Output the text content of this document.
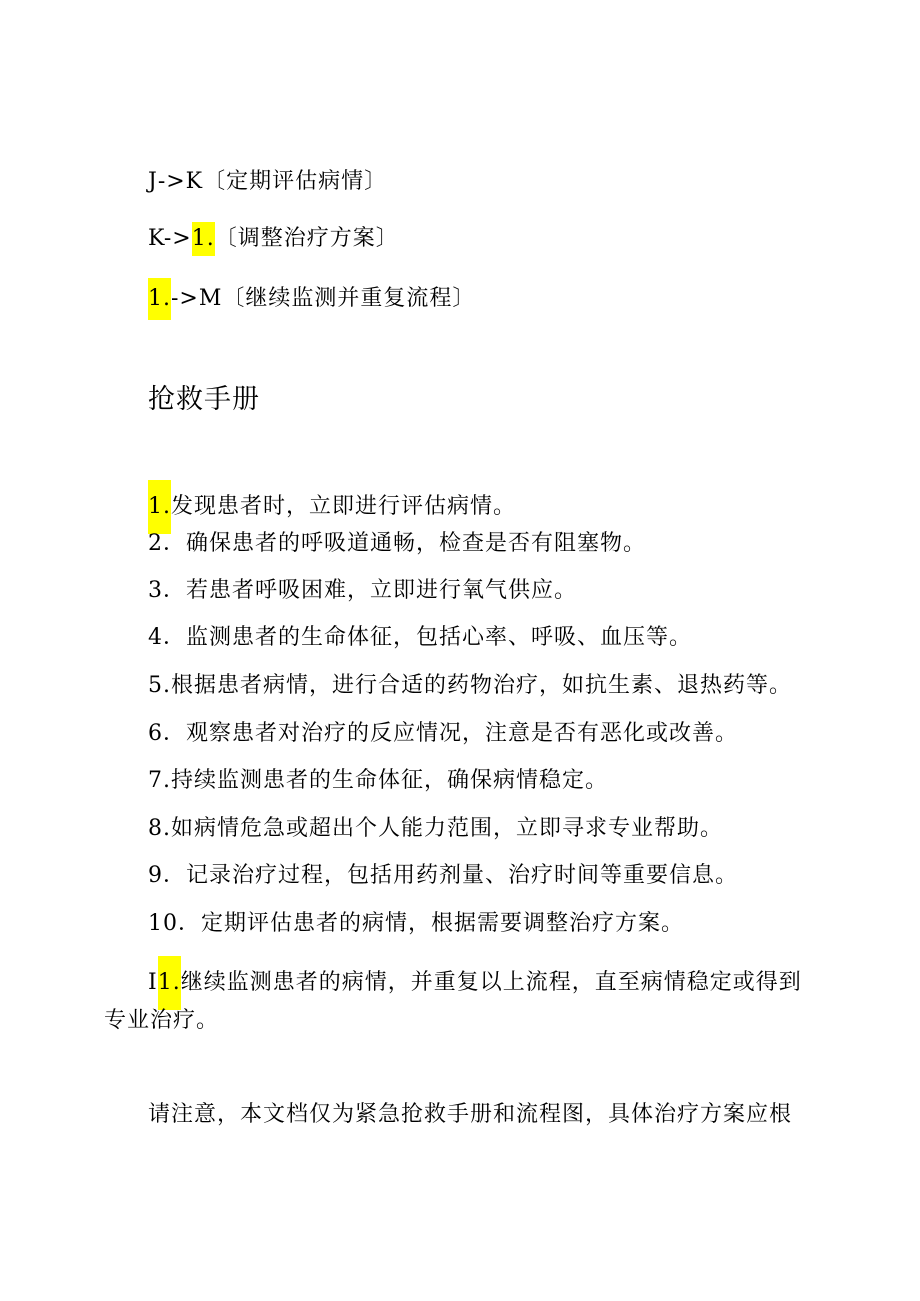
J->K〔定期评估病情〕
K->1.〔调整治疗方案〕
1.->M〔继续监测并重复流程〕
抢救手册
1.发现患者时，立即进行评估病情。
2．确保患者的呼吸道通畅，检查是否有阻塞物。
3．若患者呼吸困难，立即进行氧气供应。
4．监测患者的生命体征，包括心率、呼吸、血压等。
5.根据患者病情，进行合适的药物治疗，如抗生素、退热药等。
6．观察患者对治疗的反应情况，注意是否有恶化或改善。
7.持续监测患者的生命体征，确保病情稳定。
8.如病情危急或超出个人能力范围，立即寻求专业帮助。
9．记录治疗过程，包括用药剂量、治疗时间等重要信息。
10．定期评估患者的病情，根据需要调整治疗方案。
I1.继续监测患者的病情，并重复以上流程，直至病情稳定或得到
专业治疗。
请注意，本文档仅为紧急抢救手册和流程图，具体治疗方案应根
